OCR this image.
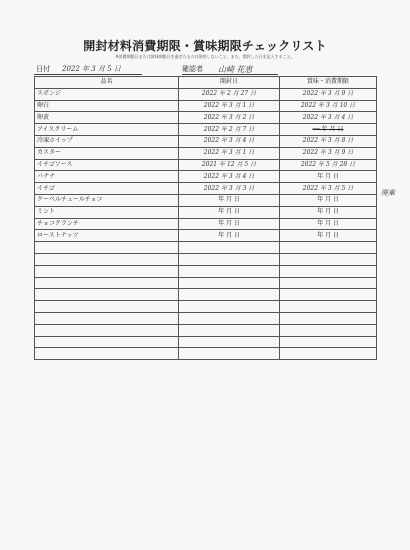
開封材料消費期限・賞味期限チェックリスト
※消費期限日または賞味期限日を過ぎたものは使用しないこと。また、開封した日を記入すること。
日付 2022 年 3 月 5 日	確認者 山崎 花恵
品名	開封日	賞味・消費期限
スポンジ	2022 年 2 月 27 日	2022 年 3 月 9 日
卵白	2022 年 3 月 1 日	2022 年 3 月 10 日
卵黄	2022 年 3 月 2 日	2022 年 3 月 4 日
アイスクリーム	2022 年 2 月 7 日	── 年 月 日
冷凍ホイップ	2022 年 3 月 4 日	2022 年 3 月 8 日
カスター	2022 年 3 月 1 日	2022 年 3 月 9 日
イチゴソース	2021 年 12 月 5 日	2022 年 5 月 28 日
バナナ	2022 年 3 月 4 日	年 月 日
イチゴ	2022 年 3 月 3 日	2022 年 3 月 5 日
クーベルチュールチョコ	年 月 日	年 月 日
ミント	年 月 日	年 月 日
チョコクランチ	年 月 日	年 月 日
ローストナッツ	年 月 日	年 月 日

廃棄
